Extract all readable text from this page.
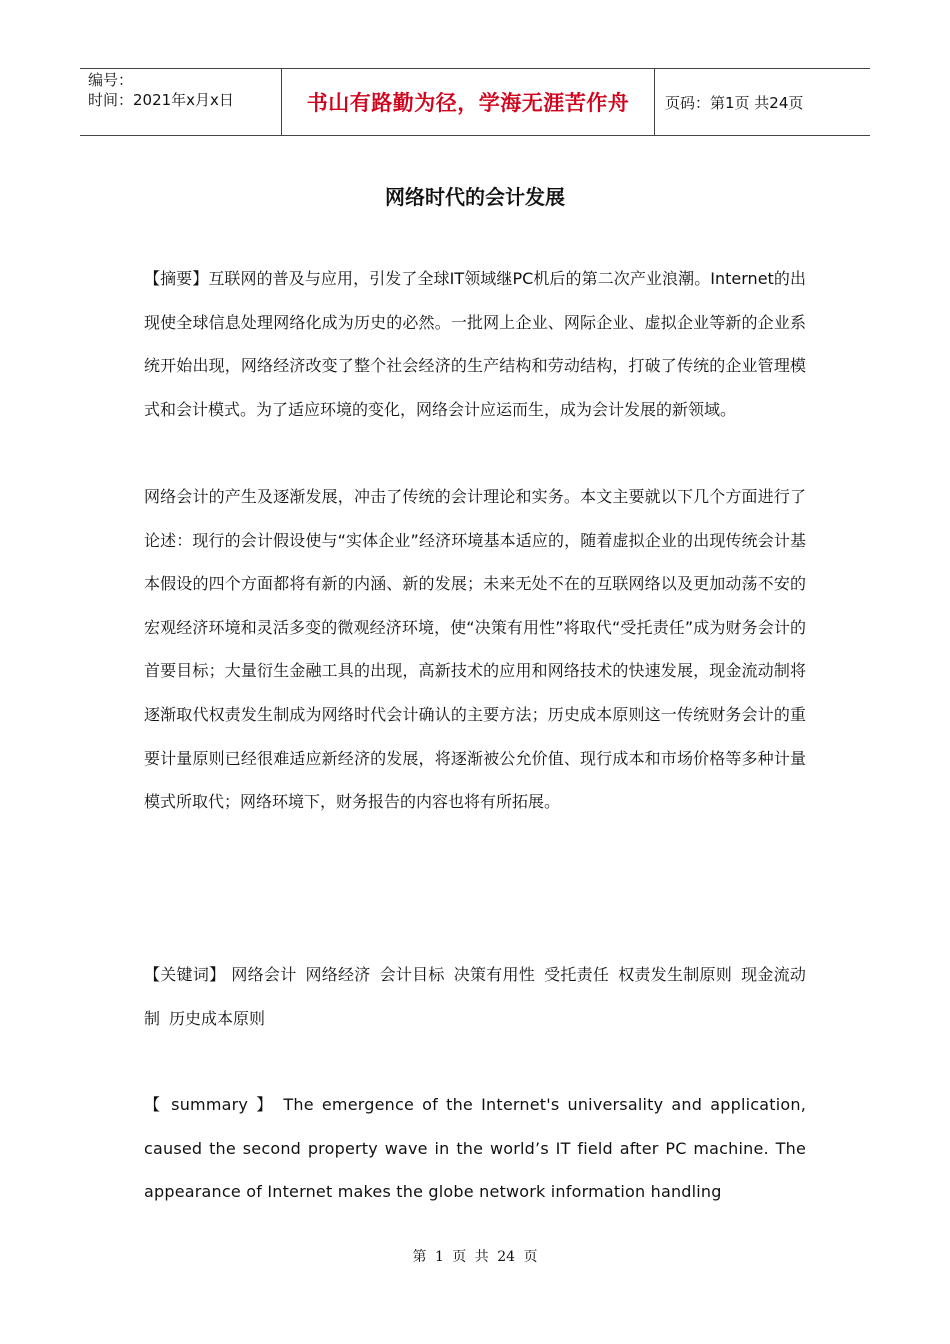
编号：
时间：2021年x月x日	书山有路勤为径，学海无涯苦作舟	页码：第1页 共24页
网络时代的会计发展
【摘要】互联网的普及与应用，引发了全球IT领域继PC机后的第二次产业浪潮。Internet的出现使全球信息处理网络化成为历史的必然。一批网上企业、网际企业、虚拟企业等新的企业系统开始出现，网络经济改变了整个社会经济的生产结构和劳动结构，打破了传统的企业管理模式和会计模式。为了适应环境的变化，网络会计应运而生，成为会计发展的新领域。
网络会计的产生及逐渐发展，冲击了传统的会计理论和实务。本文主要就以下几个方面进行了论述：现行的会计假设使与“实体企业”经济环境基本适应的，随着虚拟企业的出现传统会计基本假设的四个方面都将有新的内涵、新的发展；未来无处不在的互联网络以及更加动荡不安的宏观经济环境和灵活多变的微观经济环境，使“决策有用性”将取代“受托责任”成为财务会计的首要目标；大量衍生金融工具的出现，高新技术的应用和网络技术的快速发展，现金流动制将逐渐取代权责发生制成为网络时代会计确认的主要方法；历史成本原则这一传统财务会计的重要计量原则已经很难适应新经济的发展，将逐渐被公允价值、现行成本和市场价格等多种计量模式所取代；网络环境下，财务报告的内容也将有所拓展。
【关键词】 网络会计 网络经济 会计目标 决策有用性 受托责任 权责发生制原则 现金流动制 历史成本原则
【 summary 】 The emergence of the Internet's universality and application, caused the second property wave in the world’s IT field after PC machine. The appearance of Internet makes the globe network information handling
第 1 页 共 24 页
